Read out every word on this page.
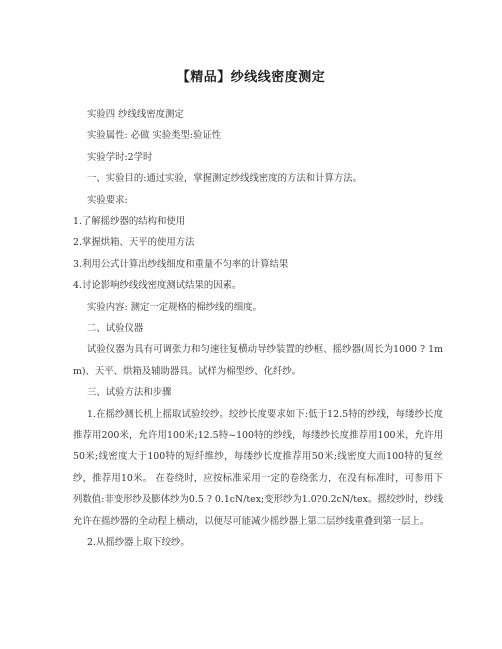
【精品】纱线线密度测定
实验四 纱线线密度测定
实验属性: 必做 实验类型:验证性
实验学时:2学时
一、实验目的:通过实验，掌握测定纱线线密度的方法和计算方法。
实验要求:
1.了解摇纱器的结构和使用
2.掌握烘箱、天平的使用方法
3.利用公式计算出纱线细度和重量不匀率的计算结果
4.讨论影响纱线线密度测试结果的因素。
实验内容: 测定一定规格的棉纱线的细度。
二、试验仪器
试验仪器为具有可调张力和匀速往复横动导纱装置的纱框、摇纱器(周长为1000 ? 1mm)、天平、烘箱及辅助器具。试样为棉型纱、化纤纱。
三、试验方法和步骤
1.在摇纱测长机上摇取试验绞纱。绞纱长度要求如下:低于12.5特的纱线，每缕纱长度推荐用200米，允许用100米;12.5特~100特的纱线，每缕纱长度推荐用100米，允许用50米;线密度大于100特的短纤维纱，每缕纱长度推荐用50米;线密度大而100特的复丝纱，推荐用10米。 在卷绕时，应按标准采用一定的卷绕张力，在没有标准时，可参用下列数值:非变形纱及膨体纱为0.5 ? 0.1cN/tex;变形纱为1.0?0.2cN/tex。摇绞纱时，纱线允许在摇纱器的全动程上横动，以便尽可能减少摇纱器上第二层纱线重叠到第一层上。
2.从摇纱器上取下绞纱。
